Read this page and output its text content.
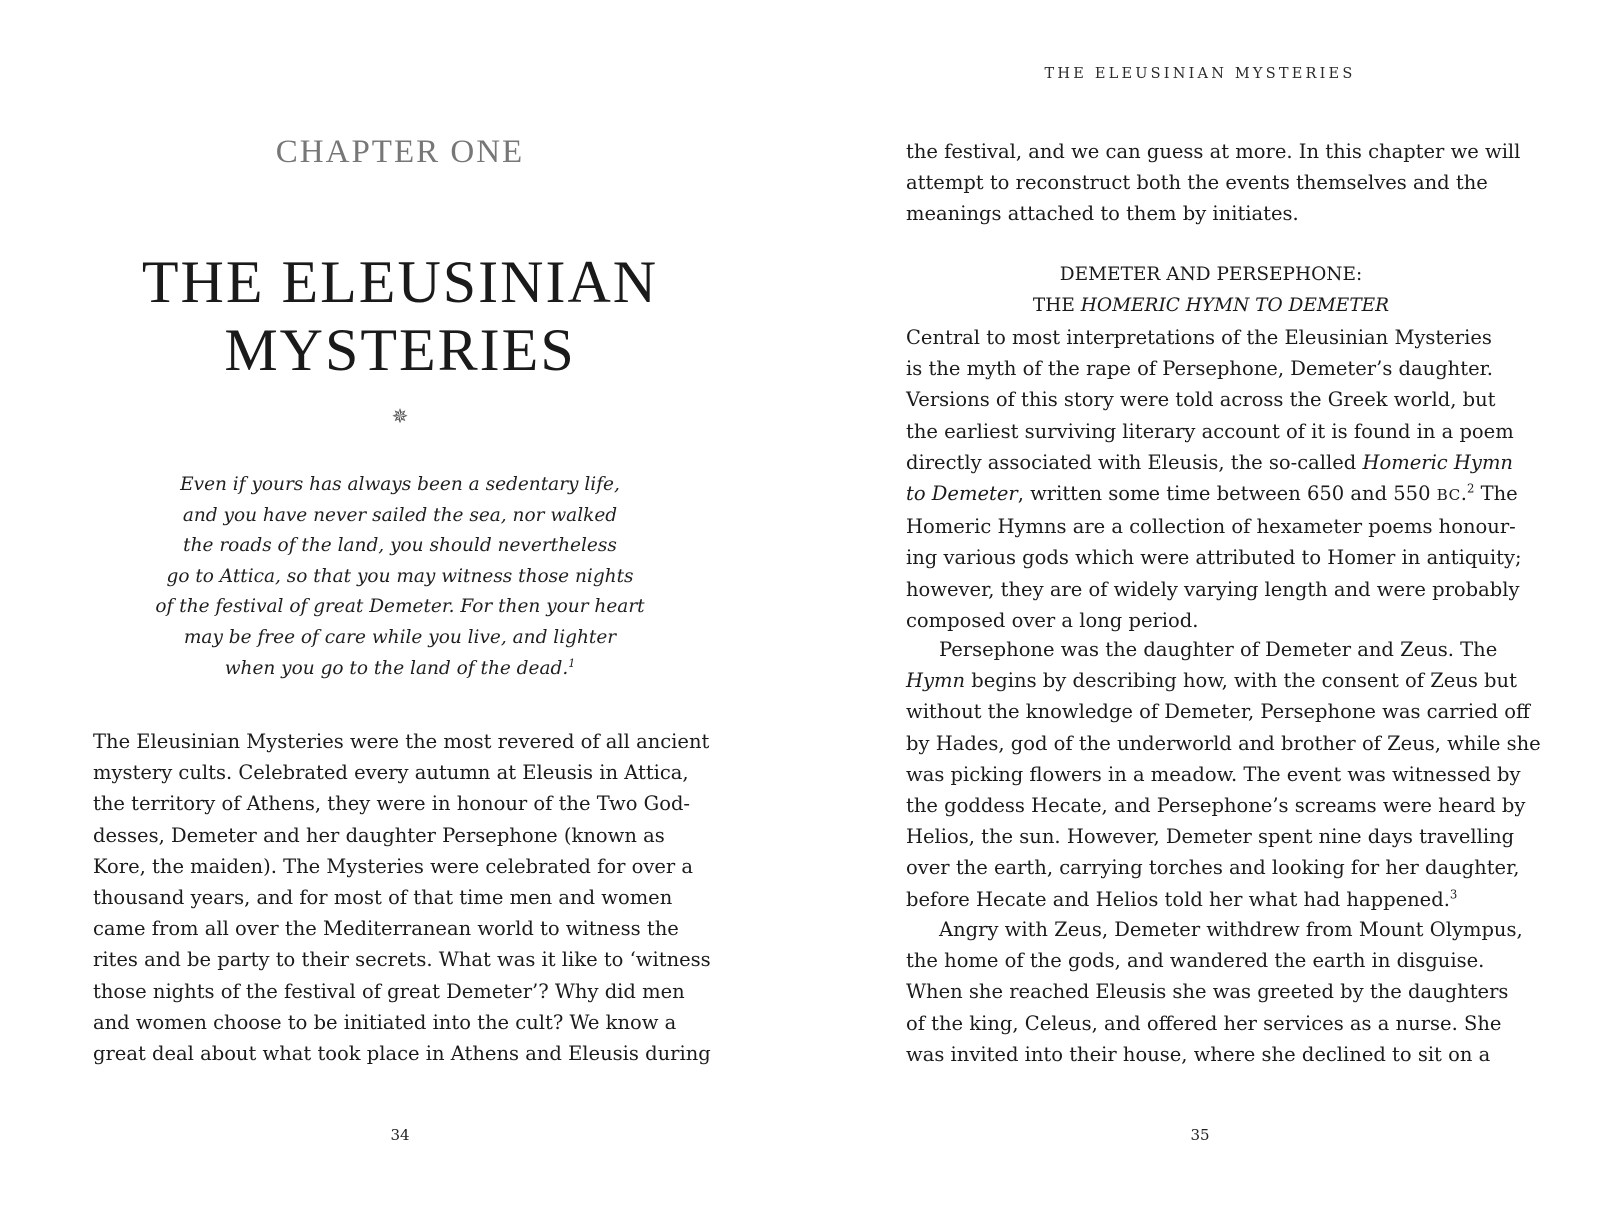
CHAPTER ONE
THE ELEUSINIAN
MYSTERIES
✵
Even if yours has always been a sedentary life,
and you have never sailed the sea, nor walked
the roads of the land, you should nevertheless
go to Attica, so that you may witness those nights
of the festival of great Demeter. For then your heart
may be free of care while you live, and lighter
when you go to the land of the dead.$^1$
The Eleusinian Mysteries were the most revered of all ancient
mystery cults. Celebrated every autumn at Eleusis in Attica,
the territory of Athens, they were in honour of the Two God-
desses, Demeter and her daughter Persephone (known as
Kore, the maiden). The Mysteries were celebrated for over a
thousand years, and for most of that time men and women
came from all over the Mediterranean world to witness the
rites and be party to their secrets. What was it like to ‘witness
those nights of the festival of great Demeter’? Why did men
and women choose to be initiated into the cult? We know a
great deal about what took place in Athens and Eleusis during
34
THE ELEUSINIAN MYSTERIES
the festival, and we can guess at more. In this chapter we will
attempt to reconstruct both the events themselves and the
meanings attached to them by initiates.
DEMETER AND PERSEPHONE:
THE HOMERIC HYMN TO DEMETER
Central to most interpretations of the Eleusinian Mysteries
is the myth of the rape of Persephone, Demeter’s daughter.
Versions of this story were told across the Greek world, but
the earliest surviving literary account of it is found in a poem
directly associated with Eleusis, the so-called Homeric Hymn
to Demeter, written some time between 650 and 550 BC.$^2$ The
Homeric Hymns are a collection of hexameter poems honour-
ing various gods which were attributed to Homer in antiquity;
however, they are of widely varying length and were probably
composed over a long period.
Persephone was the daughter of Demeter and Zeus. The
Hymn begins by describing how, with the consent of Zeus but
without the knowledge of Demeter, Persephone was carried off
by Hades, god of the underworld and brother of Zeus, while she
was picking flowers in a meadow. The event was witnessed by
the goddess Hecate, and Persephone’s screams were heard by
Helios, the sun. However, Demeter spent nine days travelling
over the earth, carrying torches and looking for her daughter,
before Hecate and Helios told her what had happened.$^3$
Angry with Zeus, Demeter withdrew from Mount Olympus,
the home of the gods, and wandered the earth in disguise.
When she reached Eleusis she was greeted by the daughters
of the king, Celeus, and offered her services as a nurse. She
was invited into their house, where she declined to sit on a
35
